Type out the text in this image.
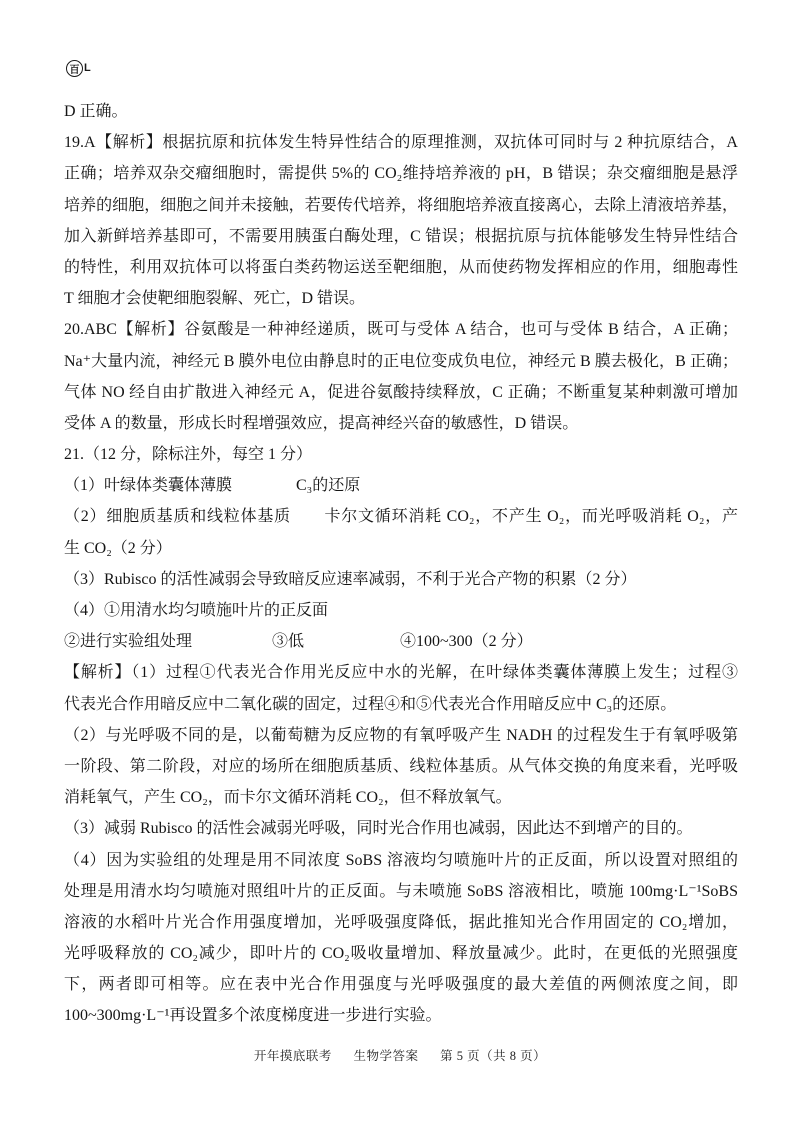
百 L
D 正确。
19.A【解析】根据抗原和抗体发生特异性结合的原理推测，双抗体可同时与 2 种抗原结合，A
正确；培养双杂交瘤细胞时，需提供 5%的 CO₂维持培养液的 pH，B 错误；杂交瘤细胞是悬浮
培养的细胞，细胞之间并未接触，若要传代培养，将细胞培养液直接离心，去除上清液培养基，
加入新鲜培养基即可，不需要用胰蛋白酶处理，C 错误；根据抗原与抗体能够发生特异性结合
的特性，利用双抗体可以将蛋白类药物运送至靶细胞，从而使药物发挥相应的作用，细胞毒性
T 细胞才会使靶细胞裂解、死亡，D 错误。
20.ABC【解析】谷氨酸是一种神经递质，既可与受体 A 结合，也可与受体 B 结合，A 正确；
Na⁺大量内流，神经元 B 膜外电位由静息时的正电位变成负电位，神经元 B 膜去极化，B 正确；
气体 NO 经自由扩散进入神经元 A，促进谷氨酸持续释放，C 正确；不断重复某种刺激可增加
受体 A 的数量，形成长时程增强效应，提高神经兴奋的敏感性，D 错误。
21.（12 分，除标注外，每空 1 分）
（1）叶绿体类囊体薄膜　　　　C₃的还原
（2）细胞质基质和线粒体基质　　卡尔文循环消耗 CO₂，不产生 O₂，而光呼吸消耗 O₂，产
生 CO₂（2 分）
（3）Rubisco 的活性减弱会导致暗反应速率减弱，不利于光合产物的积累（2 分）
（4）①用清水均匀喷施叶片的正反面
②进行实验组处理　　　　　③低　　　　　　④100~300（2 分）
【解析】（1）过程①代表光合作用光反应中水的光解，在叶绿体类囊体薄膜上发生；过程③
代表光合作用暗反应中二氧化碳的固定，过程④和⑤代表光合作用暗反应中 C₃的还原。
（2）与光呼吸不同的是，以葡萄糖为反应物的有氧呼吸产生 NADH 的过程发生于有氧呼吸第
一阶段、第二阶段，对应的场所在细胞质基质、线粒体基质。从气体交换的角度来看，光呼吸
消耗氧气，产生 CO₂，而卡尔文循环消耗 CO₂，但不释放氧气。
（3）减弱 Rubisco 的活性会减弱光呼吸，同时光合作用也减弱，因此达不到增产的目的。
（4）因为实验组的处理是用不同浓度 SoBS 溶液均匀喷施叶片的正反面，所以设置对照组的
处理是用清水均匀喷施对照组叶片的正反面。与未喷施 SoBS 溶液相比，喷施 100mg·L⁻¹SoBS
溶液的水稻叶片光合作用强度增加，光呼吸强度降低，据此推知光合作用固定的 CO₂增加，
光呼吸释放的 CO₂减少，即叶片的 CO₂吸收量增加、释放量减少。此时，在更低的光照强度
下，两者即可相等。应在表中光合作用强度与光呼吸强度的最大差值的两侧浓度之间，即
100~300mg·L⁻¹再设置多个浓度梯度进一步进行实验。
开年摸底联考 生物学答案 第 5 页（共 8 页）
